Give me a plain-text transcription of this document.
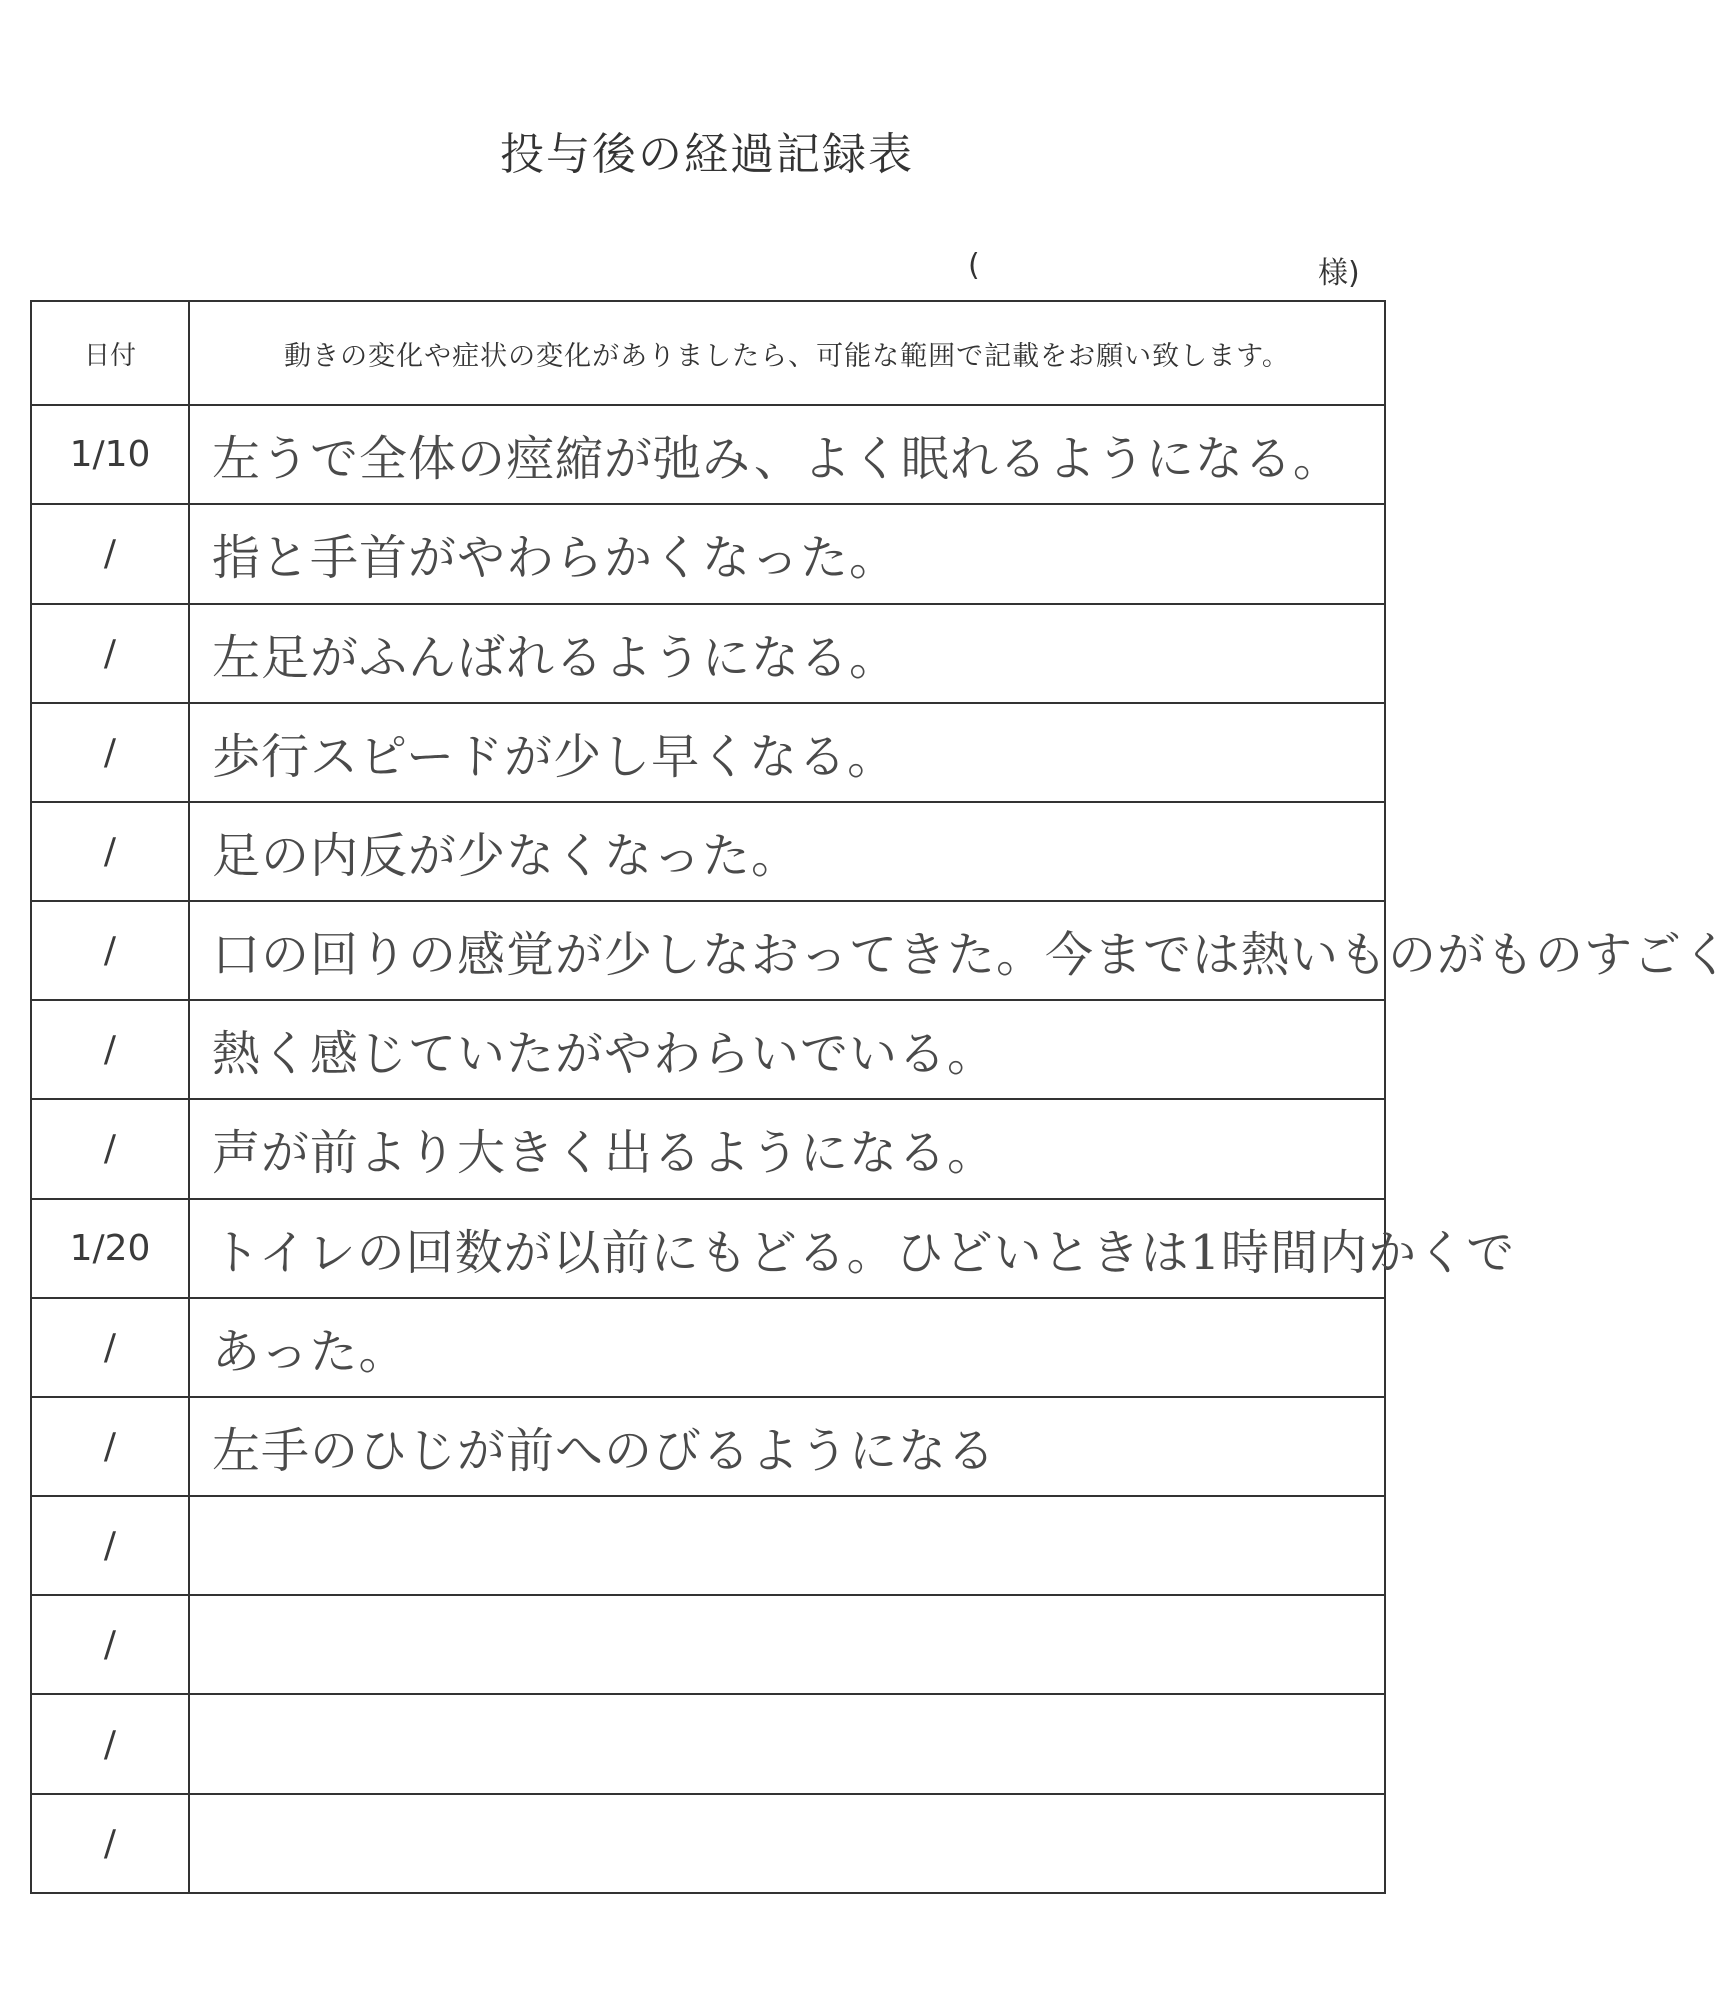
投与後の経過記録表
(	様)
日付	動きの変化や症状の変化がありましたら、可能な範囲で記載をお願い致します。
1/10	左うで全体の痙縮が弛み、よく眠れるようになる。
/	指と手首がやわらかくなった。
/	左足がふんばれるようになる。
/	歩行スピードが少し早くなる。
/	足の内反が少なくなった。
/	口の回りの感覚が少しなおってきた。今までは熱いものがものすごく
/	熱く感じていたがやわらいでいる。
/	声が前より大きく出るようになる。
1/20	トイレの回数が以前にもどる。ひどいときは1時間内かくで
/	あった。
/	左手のひじが前へのびるようになる
/	
/	
/	
/	
